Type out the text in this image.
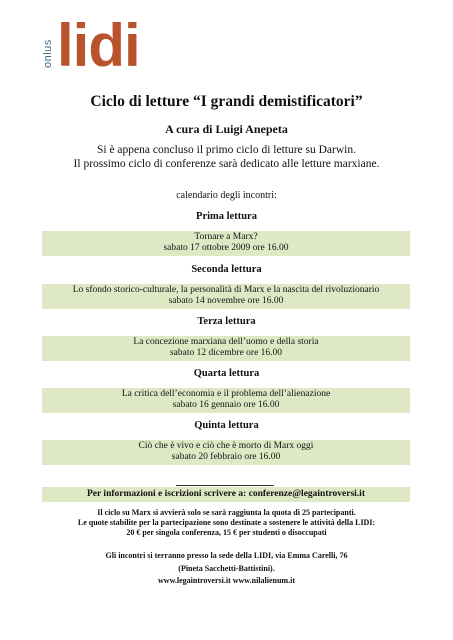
onlus lidi
Ciclo di letture “I grandi demistificatori”
A cura di Luigi Anepeta
Si è appena concluso il primo ciclo di letture su Darwin.
Il prossimo ciclo di conferenze sarà dedicato alle letture marxiane.
calendario degli incontri:
Prima lettura
Tornare a Marx?
sabato 17 ottobre 2009 ore 16.00
Seconda lettura
Lo sfondo storico-culturale, la personalità di Marx e la nascita del rivoluzionario
sabato 14 novembre ore 16.00
Terza lettura
La concezione marxiana dell’uomo e della storia
sabato 12 dicembre ore 16.00
Quarta lettura
La critica dell’economia e il problema dell’alienazione
sabato 16 gennaio ore 16.00
Quinta lettura
Ciò che è vivo e ciò che è morto di Marx oggi
sabato 20 febbraio ore 16.00
Per informazioni e iscrizioni scrivere a: conferenze@legaintroversi.it
Il ciclo su Marx si avvierà solo se sarà raggiunta la quota di 25 partecipanti.
Le quote stabilite per la partecipazione sono destinate a sostenere le attività della LIDI:
20 € per singola conferenza, 15 € per studenti o disoccupati
Gli incontri si terranno presso la sede della LIDI, via Emma Carelli, 76
(Pineta Sacchetti-Battistini).
www.legaintroversi.it www.nilalienum.it
